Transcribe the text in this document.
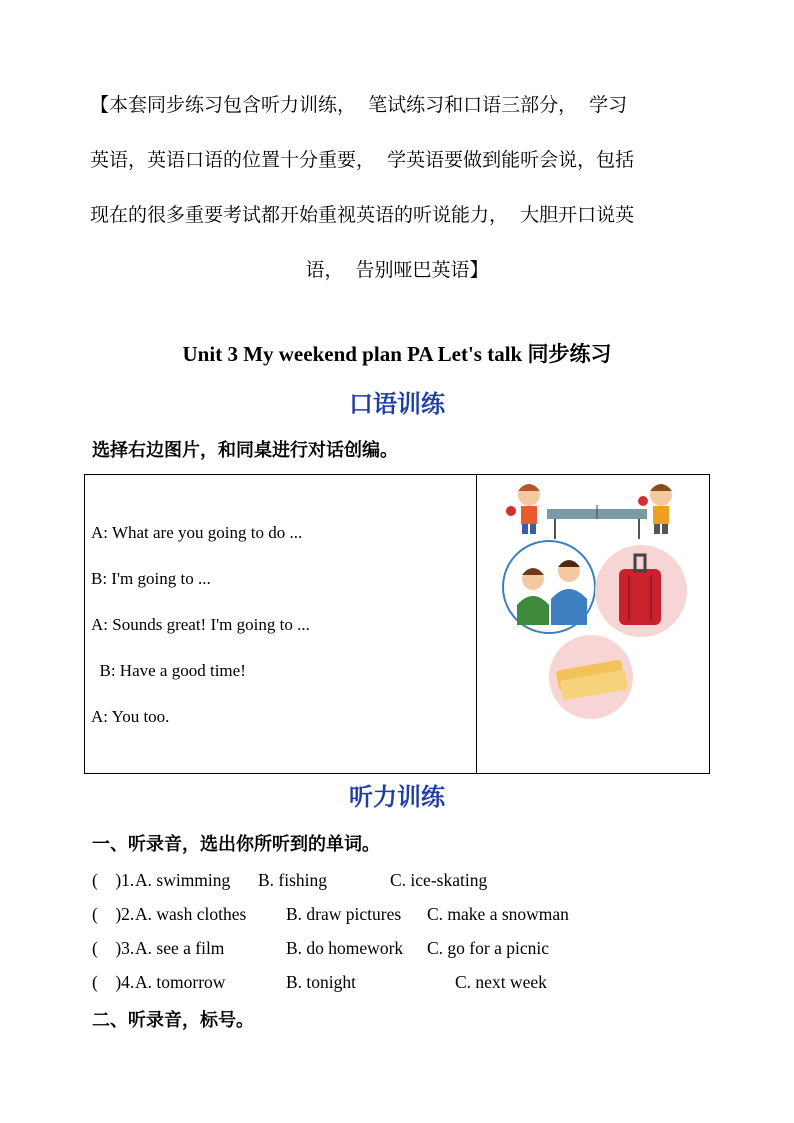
【本套同步练习包含听力训练，  笔试练习和口语三部分，  学习
英语，英语口语的位置十分重要，  学英语要做到能听会说，包括
现在的很多重要考试都开始重视英语的听说能力，  大胆开口说英
语，  告别哑巴英语】
Unit 3 My weekend plan PA Let's talk 同步练习
口语训练
选择右边图片，和同桌进行对话创编。
A: What are you going to do ...
B: I'm going to ...
A: Sounds great! I'm going to ...
B: Have a good time!
A: You too.
听力训练
一、听录音，选出你所听到的单词。
(    )1. A. swimming B. fishing	C. ice-skating
(    )2. A. wash clothes B. draw pictures C. make a snowman
(    )3. A. see a film	B. do homework C. go for a picnic
(    )4. A. tomorrow	B. tonight	C. next week
二、听录音，标号。
